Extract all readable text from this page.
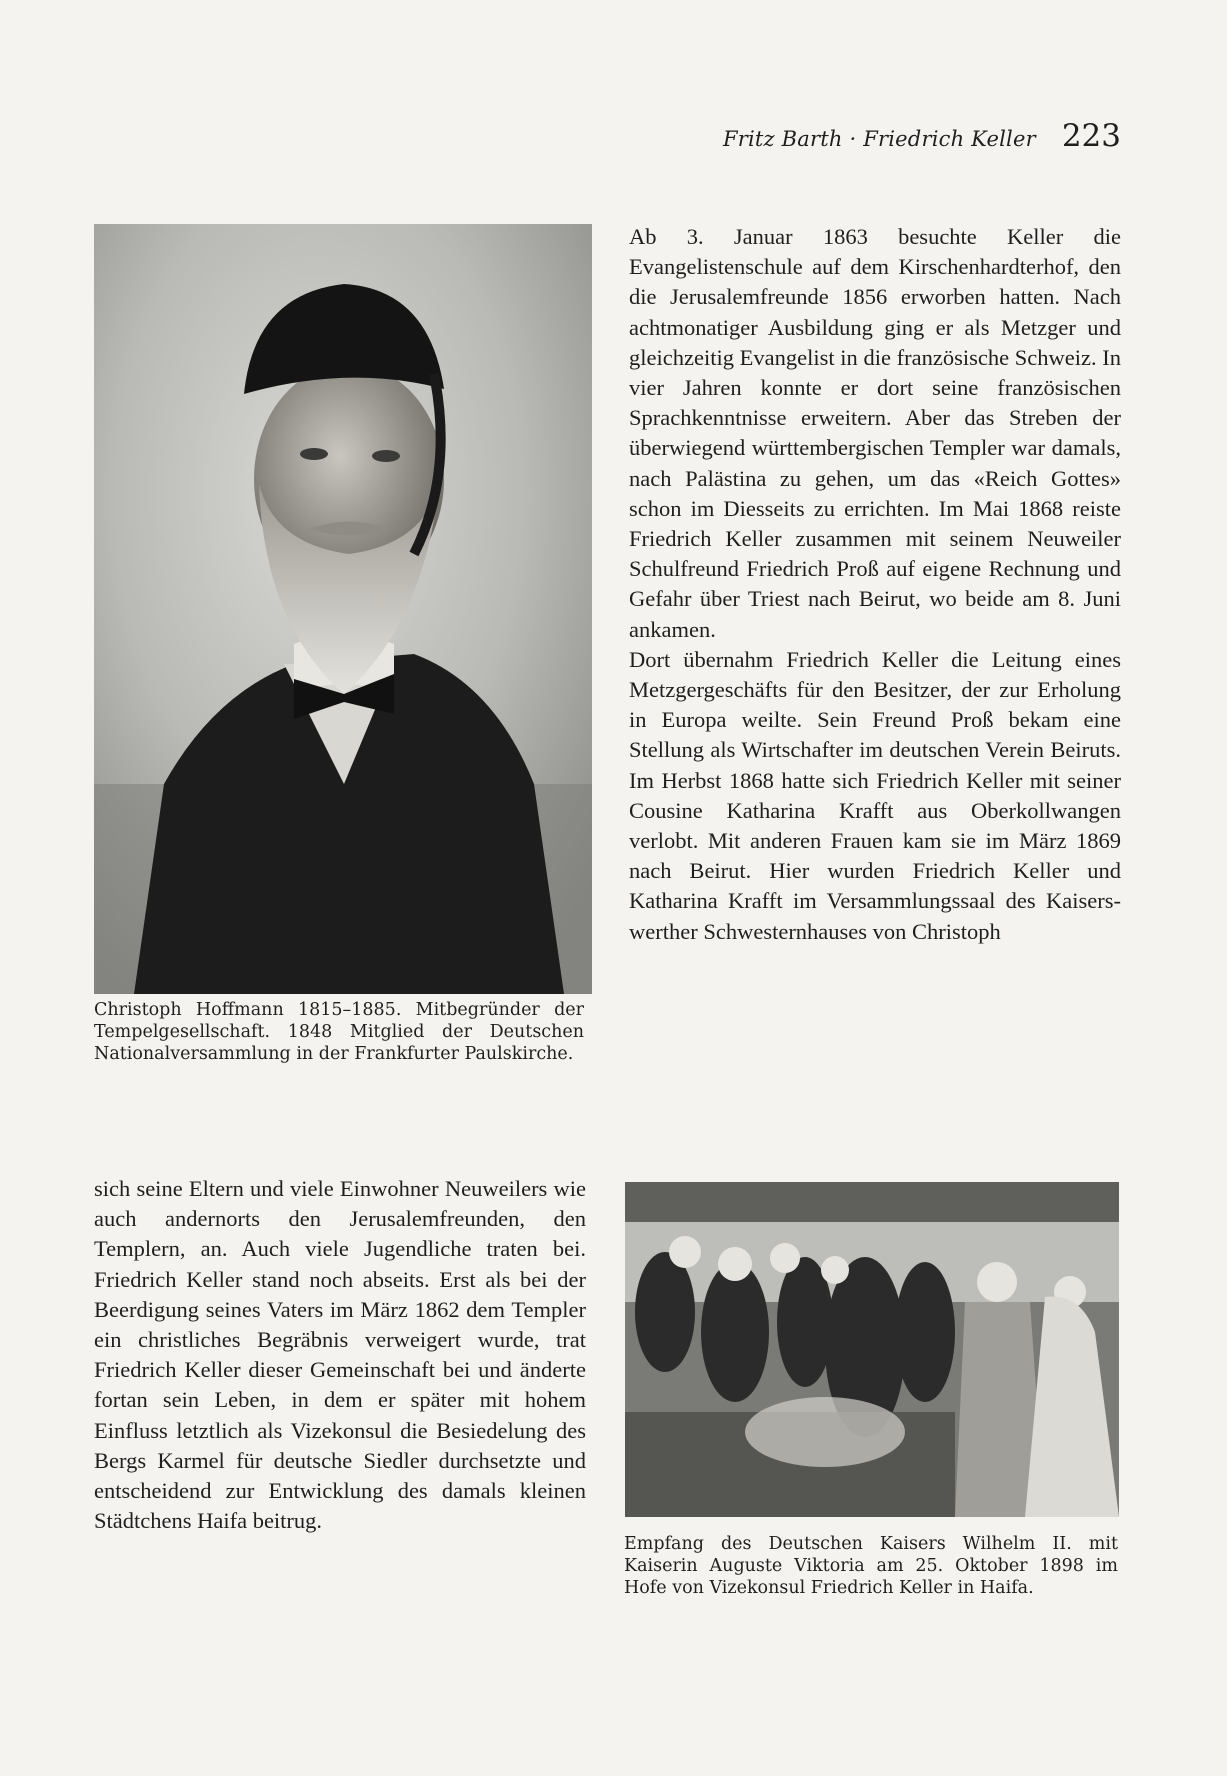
Fritz Barth · Friedrich Keller 223
Christoph Hoffmann 1815–1885. Mitbegründer der Tempelgesellschaft. 1848 Mitglied der Deutschen Nationalversammlung in der Frankfurter Paulskirche.

sich seine Eltern und viele Einwohner Neuweilers wie auch andernorts den Jerusalemfreunden, den Templern, an. Auch viele Jugendliche traten bei. Friedrich Keller stand noch abseits. Erst als bei der Beerdigung seines Vaters im März 1862 dem Templer ein christliches Begräbnis verweigert wurde, trat Friedrich Keller dieser Gemeinschaft bei und änderte fortan sein Leben, in dem er später mit hohem Einfluss letztlich als Vizekonsul die Besiedelung des Bergs Karmel für deutsche Siedler durchsetzte und entscheidend zur Entwicklung des damals kleinen Städtchens Haifa beitrug.

Ab 3. Januar 1863 besuchte Keller die Evangelistenschule auf dem Kirschenhardterhof, den die Jerusalemfreunde 1856 erworben hatten. Nach achtmonatiger Ausbildung ging er als Metzger und gleichzeitig Evangelist in die französische Schweiz. In vier Jahren konnte er dort seine französischen Sprachkenntnisse erweitern. Aber das Streben der überwiegend württembergischen Templer war damals, nach Palästina zu gehen, um das «Reich Gottes» schon im Diesseits zu errichten. Im Mai 1868 reiste Friedrich Keller zusammen mit seinem Neuweiler Schulfreund Friedrich Proß auf eigene Rechnung und Gefahr über Triest nach Beirut, wo beide am 8. Juni ankamen.
Dort übernahm Friedrich Keller die Leitung eines Metzgergeschäfts für den Besitzer, der zur Erholung in Europa weilte. Sein Freund Proß bekam eine Stellung als Wirtschafter im deutschen Verein Beiruts. Im Herbst 1868 hatte sich Friedrich Keller mit seiner Cousine Katharina Krafft aus Oberkollwangen verlobt. Mit anderen Frauen kam sie im März 1869 nach Beirut. Hier wurden Friedrich Keller und Katharina Krafft im Versammlungssaal des Kaiserswerther Schwesternhauses von Christoph
Empfang des Deutschen Kaisers Wilhelm II. mit Kaiserin Auguste Viktoria am 25. Oktober 1898 im Hofe von Vizekonsul Friedrich Keller in Haifa.
